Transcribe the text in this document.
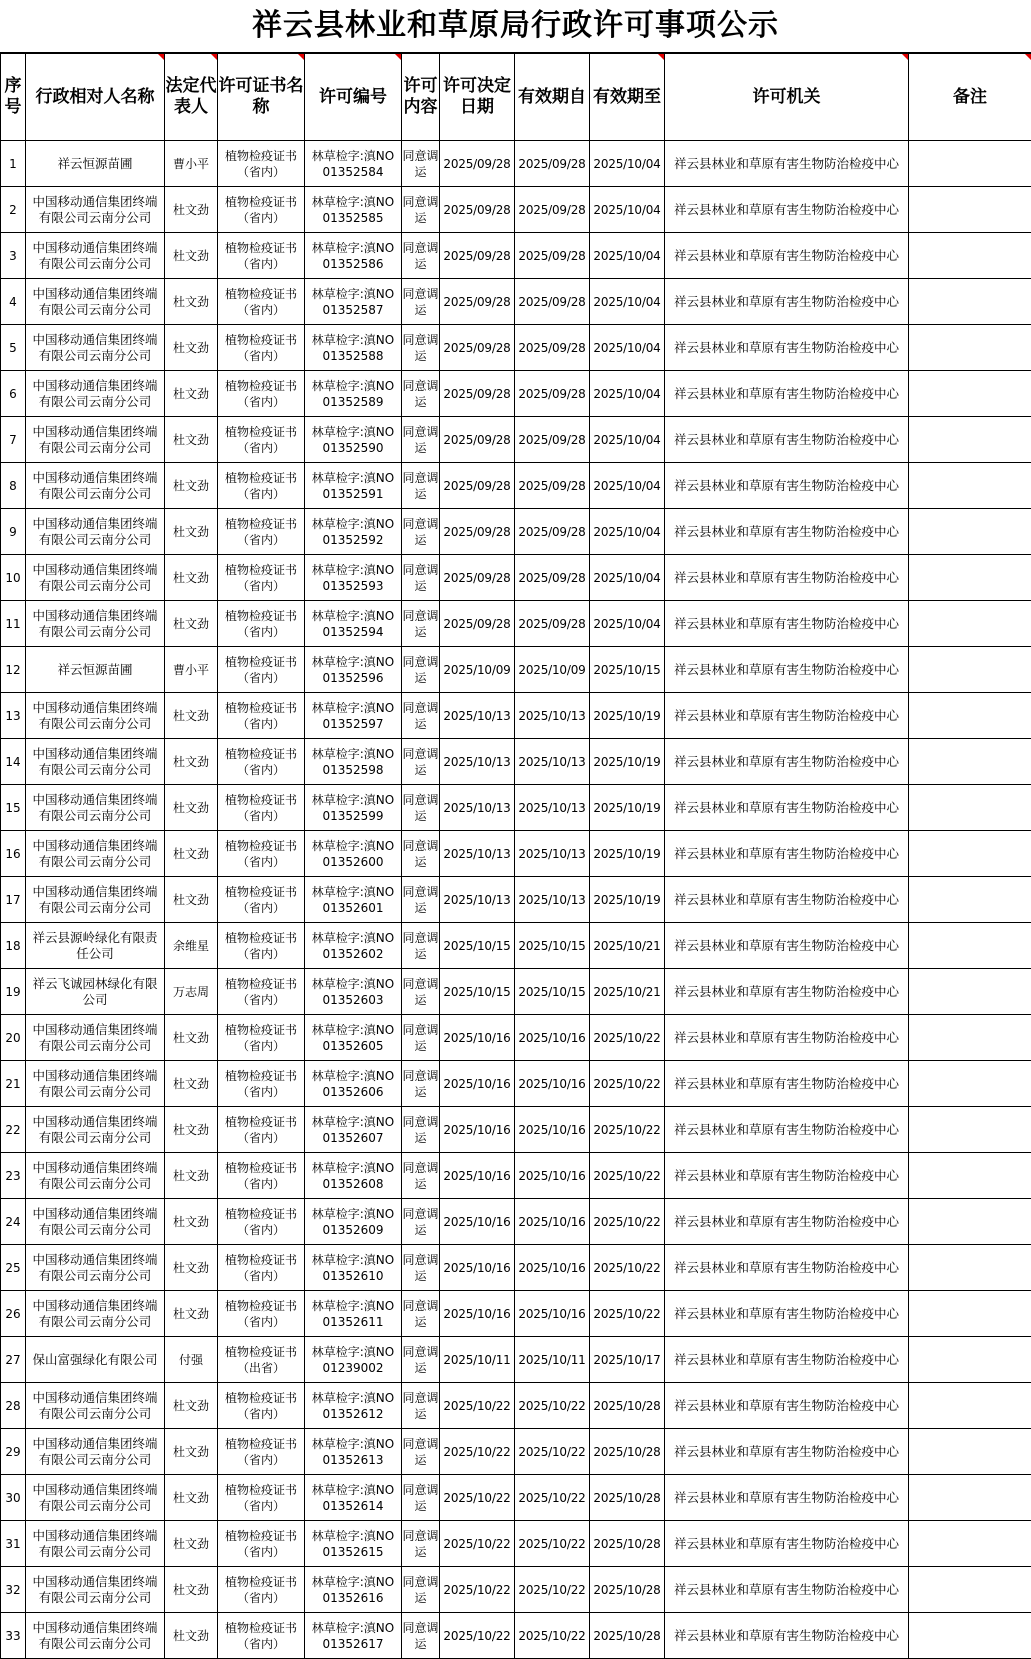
祥云县林业和草原局行政许可事项公示
序号	行政相对人名称	法定代表人	许可证书名称	许可编号	许可内容	许可决定日期	有效期自	有效期至	许可机关	备注
1	祥云恒源苗圃	曹小平	植物检疫证书（省内）	林草检字:滇NO 01352584	同意调运	2025/09/28	2025/09/28	2025/10/04	祥云县林业和草原有害生物防治检疫中心	
2	中国移动通信集团终端有限公司云南分公司	杜文劲	植物检疫证书（省内）	林草检字:滇NO 01352585	同意调运	2025/09/28	2025/09/28	2025/10/04	祥云县林业和草原有害生物防治检疫中心	
3	中国移动通信集团终端有限公司云南分公司	杜文劲	植物检疫证书（省内）	林草检字:滇NO 01352586	同意调运	2025/09/28	2025/09/28	2025/10/04	祥云县林业和草原有害生物防治检疫中心	
4	中国移动通信集团终端有限公司云南分公司	杜文劲	植物检疫证书（省内）	林草检字:滇NO 01352587	同意调运	2025/09/28	2025/09/28	2025/10/04	祥云县林业和草原有害生物防治检疫中心	
5	中国移动通信集团终端有限公司云南分公司	杜文劲	植物检疫证书（省内）	林草检字:滇NO 01352588	同意调运	2025/09/28	2025/09/28	2025/10/04	祥云县林业和草原有害生物防治检疫中心	
6	中国移动通信集团终端有限公司云南分公司	杜文劲	植物检疫证书（省内）	林草检字:滇NO 01352589	同意调运	2025/09/28	2025/09/28	2025/10/04	祥云县林业和草原有害生物防治检疫中心	
7	中国移动通信集团终端有限公司云南分公司	杜文劲	植物检疫证书（省内）	林草检字:滇NO 01352590	同意调运	2025/09/28	2025/09/28	2025/10/04	祥云县林业和草原有害生物防治检疫中心	
8	中国移动通信集团终端有限公司云南分公司	杜文劲	植物检疫证书（省内）	林草检字:滇NO 01352591	同意调运	2025/09/28	2025/09/28	2025/10/04	祥云县林业和草原有害生物防治检疫中心	
9	中国移动通信集团终端有限公司云南分公司	杜文劲	植物检疫证书（省内）	林草检字:滇NO 01352592	同意调运	2025/09/28	2025/09/28	2025/10/04	祥云县林业和草原有害生物防治检疫中心	
10	中国移动通信集团终端有限公司云南分公司	杜文劲	植物检疫证书（省内）	林草检字:滇NO 01352593	同意调运	2025/09/28	2025/09/28	2025/10/04	祥云县林业和草原有害生物防治检疫中心	
11	中国移动通信集团终端有限公司云南分公司	杜文劲	植物检疫证书（省内）	林草检字:滇NO 01352594	同意调运	2025/09/28	2025/09/28	2025/10/04	祥云县林业和草原有害生物防治检疫中心	
12	祥云恒源苗圃	曹小平	植物检疫证书（省内）	林草检字:滇NO 01352596	同意调运	2025/10/09	2025/10/09	2025/10/15	祥云县林业和草原有害生物防治检疫中心	
13	中国移动通信集团终端有限公司云南分公司	杜文劲	植物检疫证书（省内）	林草检字:滇NO 01352597	同意调运	2025/10/13	2025/10/13	2025/10/19	祥云县林业和草原有害生物防治检疫中心	
14	中国移动通信集团终端有限公司云南分公司	杜文劲	植物检疫证书（省内）	林草检字:滇NO 01352598	同意调运	2025/10/13	2025/10/13	2025/10/19	祥云县林业和草原有害生物防治检疫中心	
15	中国移动通信集团终端有限公司云南分公司	杜文劲	植物检疫证书（省内）	林草检字:滇NO 01352599	同意调运	2025/10/13	2025/10/13	2025/10/19	祥云县林业和草原有害生物防治检疫中心	
16	中国移动通信集团终端有限公司云南分公司	杜文劲	植物检疫证书（省内）	林草检字:滇NO 01352600	同意调运	2025/10/13	2025/10/13	2025/10/19	祥云县林业和草原有害生物防治检疫中心	
17	中国移动通信集团终端有限公司云南分公司	杜文劲	植物检疫证书（省内）	林草检字:滇NO 01352601	同意调运	2025/10/13	2025/10/13	2025/10/19	祥云县林业和草原有害生物防治检疫中心	
18	祥云县源岭绿化有限责任公司	余维星	植物检疫证书（省内）	林草检字:滇NO 01352602	同意调运	2025/10/15	2025/10/15	2025/10/21	祥云县林业和草原有害生物防治检疫中心	
19	祥云飞诚园林绿化有限公司	万志周	植物检疫证书（省内）	林草检字:滇NO 01352603	同意调运	2025/10/15	2025/10/15	2025/10/21	祥云县林业和草原有害生物防治检疫中心	
20	中国移动通信集团终端有限公司云南分公司	杜文劲	植物检疫证书（省内）	林草检字:滇NO 01352605	同意调运	2025/10/16	2025/10/16	2025/10/22	祥云县林业和草原有害生物防治检疫中心	
21	中国移动通信集团终端有限公司云南分公司	杜文劲	植物检疫证书（省内）	林草检字:滇NO 01352606	同意调运	2025/10/16	2025/10/16	2025/10/22	祥云县林业和草原有害生物防治检疫中心	
22	中国移动通信集团终端有限公司云南分公司	杜文劲	植物检疫证书（省内）	林草检字:滇NO 01352607	同意调运	2025/10/16	2025/10/16	2025/10/22	祥云县林业和草原有害生物防治检疫中心	
23	中国移动通信集团终端有限公司云南分公司	杜文劲	植物检疫证书（省内）	林草检字:滇NO 01352608	同意调运	2025/10/16	2025/10/16	2025/10/22	祥云县林业和草原有害生物防治检疫中心	
24	中国移动通信集团终端有限公司云南分公司	杜文劲	植物检疫证书（省内）	林草检字:滇NO 01352609	同意调运	2025/10/16	2025/10/16	2025/10/22	祥云县林业和草原有害生物防治检疫中心	
25	中国移动通信集团终端有限公司云南分公司	杜文劲	植物检疫证书（省内）	林草检字:滇NO 01352610	同意调运	2025/10/16	2025/10/16	2025/10/22	祥云县林业和草原有害生物防治检疫中心	
26	中国移动通信集团终端有限公司云南分公司	杜文劲	植物检疫证书（省内）	林草检字:滇NO 01352611	同意调运	2025/10/16	2025/10/16	2025/10/22	祥云县林业和草原有害生物防治检疫中心	
27	保山富强绿化有限公司	付强	植物检疫证书（出省）	林草检字:滇NO 01239002	同意调运	2025/10/11	2025/10/11	2025/10/17	祥云县林业和草原有害生物防治检疫中心	
28	中国移动通信集团终端有限公司云南分公司	杜文劲	植物检疫证书（省内）	林草检字:滇NO 01352612	同意调运	2025/10/22	2025/10/22	2025/10/28	祥云县林业和草原有害生物防治检疫中心	
29	中国移动通信集团终端有限公司云南分公司	杜文劲	植物检疫证书（省内）	林草检字:滇NO 01352613	同意调运	2025/10/22	2025/10/22	2025/10/28	祥云县林业和草原有害生物防治检疫中心	
30	中国移动通信集团终端有限公司云南分公司	杜文劲	植物检疫证书（省内）	林草检字:滇NO 01352614	同意调运	2025/10/22	2025/10/22	2025/10/28	祥云县林业和草原有害生物防治检疫中心	
31	中国移动通信集团终端有限公司云南分公司	杜文劲	植物检疫证书（省内）	林草检字:滇NO 01352615	同意调运	2025/10/22	2025/10/22	2025/10/28	祥云县林业和草原有害生物防治检疫中心	
32	中国移动通信集团终端有限公司云南分公司	杜文劲	植物检疫证书（省内）	林草检字:滇NO 01352616	同意调运	2025/10/22	2025/10/22	2025/10/28	祥云县林业和草原有害生物防治检疫中心	
33	中国移动通信集团终端有限公司云南分公司	杜文劲	植物检疫证书（省内）	林草检字:滇NO 01352617	同意调运	2025/10/22	2025/10/22	2025/10/28	祥云县林业和草原有害生物防治检疫中心	
